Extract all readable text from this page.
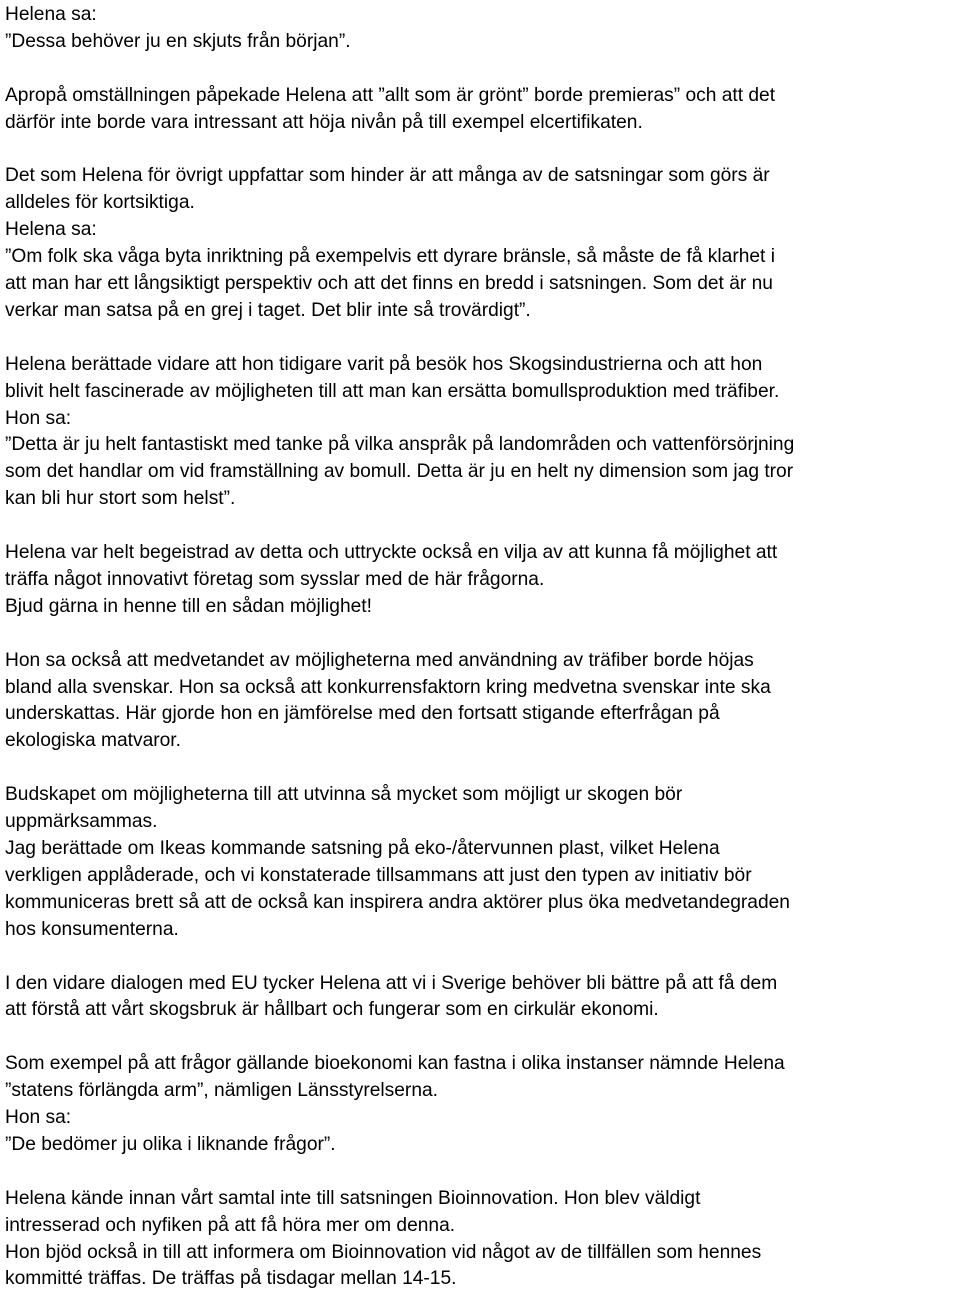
Helena sa:
”Dessa behöver ju en skjuts från början”.
Apropå omställningen påpekade Helena att ”allt som är grönt” borde premieras” och att det
därför inte borde vara intressant att höja nivån på till exempel elcertifikaten.
Det som Helena för övrigt uppfattar som hinder är att många av de satsningar som görs är
alldeles för kortsiktiga.
Helena sa:
”Om folk ska våga byta inriktning på exempelvis ett dyrare bränsle, så måste de få klarhet i
att man har ett långsiktigt perspektiv och att det finns en bredd i satsningen. Som det är nu
verkar man satsa på en grej i taget. Det blir inte så trovärdigt”.
Helena berättade vidare att hon tidigare varit på besök hos Skogsindustrierna och att hon
blivit helt fascinerade av möjligheten till att man kan ersätta bomullsproduktion med träfiber.
Hon sa:
”Detta är ju helt fantastiskt med tanke på vilka anspråk på landområden och vattenförsörjning
som det handlar om vid framställning av bomull. Detta är ju en helt ny dimension som jag tror
kan bli hur stort som helst”.
Helena var helt begeistrad av detta och uttryckte också en vilja av att kunna få möjlighet att
träffa något innovativt företag som sysslar med de här frågorna.
Bjud gärna in henne till en sådan möjlighet!
Hon sa också att medvetandet av möjligheterna med användning av träfiber borde höjas
bland alla svenskar. Hon sa också att konkurrensfaktorn kring medvetna svenskar inte ska
underskattas. Här gjorde hon en jämförelse med den fortsatt stigande efterfrågan på
ekologiska matvaror.
Budskapet om möjligheterna till att utvinna så mycket som möjligt ur skogen bör
uppmärksammas.
Jag berättade om Ikeas kommande satsning på eko-/återvunnen plast, vilket Helena
verkligen applåderade, och vi konstaterade tillsammans att just den typen av initiativ bör
kommuniceras brett så att de också kan inspirera andra aktörer plus öka medvetandegraden
hos konsumenterna.
I den vidare dialogen med EU tycker Helena att vi i Sverige behöver bli bättre på att få dem
att förstå att vårt skogsbruk är hållbart och fungerar som en cirkulär ekonomi.
Som exempel på att frågor gällande bioekonomi kan fastna i olika instanser nämnde Helena
”statens förlängda arm”, nämligen Länsstyrelserna.
Hon sa:
”De bedömer ju olika i liknande frågor”.
Helena kände innan vårt samtal inte till satsningen Bioinnovation. Hon blev väldigt
intresserad och nyfiken på att få höra mer om denna.
Hon bjöd också in till att informera om Bioinnovation vid något av de tillfällen som hennes
kommitté träffas. De träffas på tisdagar mellan 14-15.
